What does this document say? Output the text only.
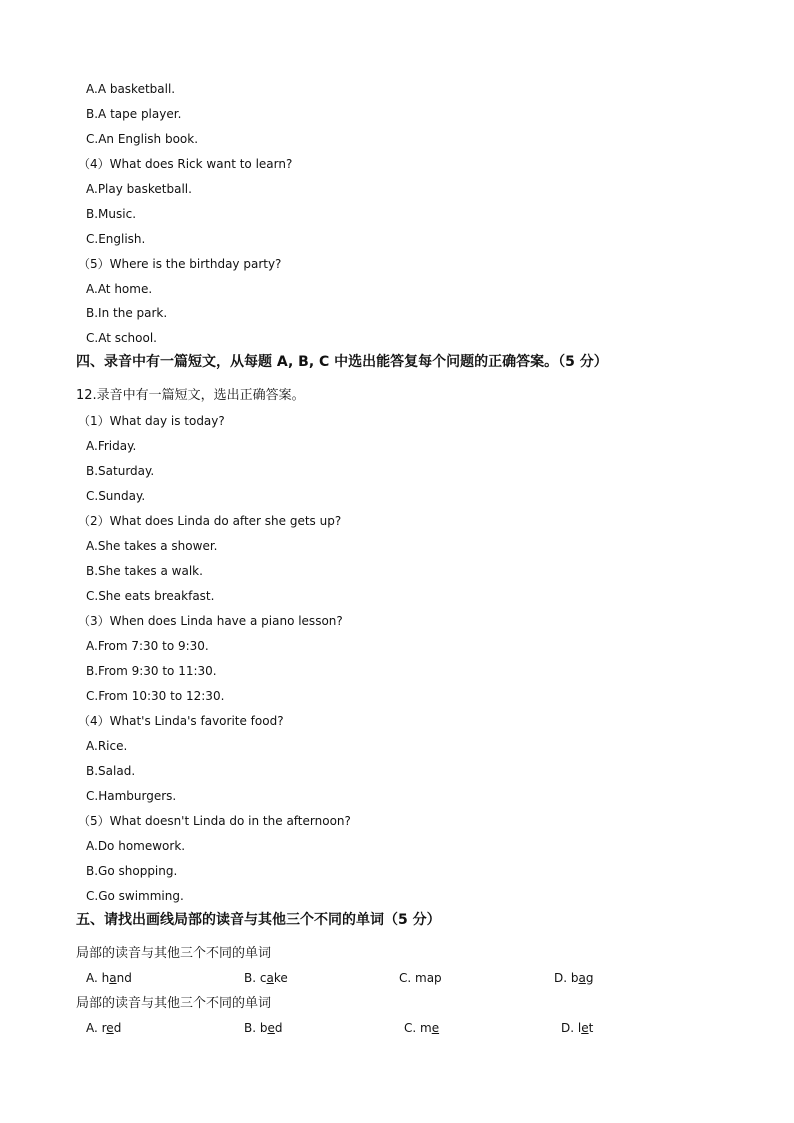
A.A basketball.
B.A tape player.
C.An English book.
（4）What does Rick want to learn?
A.Play basketball.
B.Music.
C.English.
（5）Where is the birthday party?
A.At home.
B.In the park.
C.At school.
四、录音中有一篇短文，从每题 A, B, C 中选出能答复每个问题的正确答案。（5 分）
12.录音中有一篇短文，选出正确答案。
（1）What day is today?
A.Friday.
B.Saturday.
C.Sunday.
（2）What does Linda do after she gets up?
A.She takes a shower.
B.She takes a walk.
C.She eats breakfast.
（3）When does Linda have a piano lesson?
A.From 7:30 to 9:30.
B.From 9:30 to 11:30.
C.From 10:30 to 12:30.
（4）What's Linda's favorite food?
A.Rice.
B.Salad.
C.Hamburgers.
（5）What doesn't Linda do in the afternoon?
A.Do homework.
B.Go shopping.
C.Go swimming.
五、请找出画线局部的读音与其他三个不同的单词（5 分）
局部的读音与其他三个不同的单词
A. hand	B. cake	C. map	D. bag
局部的读音与其他三个不同的单词
A. red	B. bed	C. me	D. let
